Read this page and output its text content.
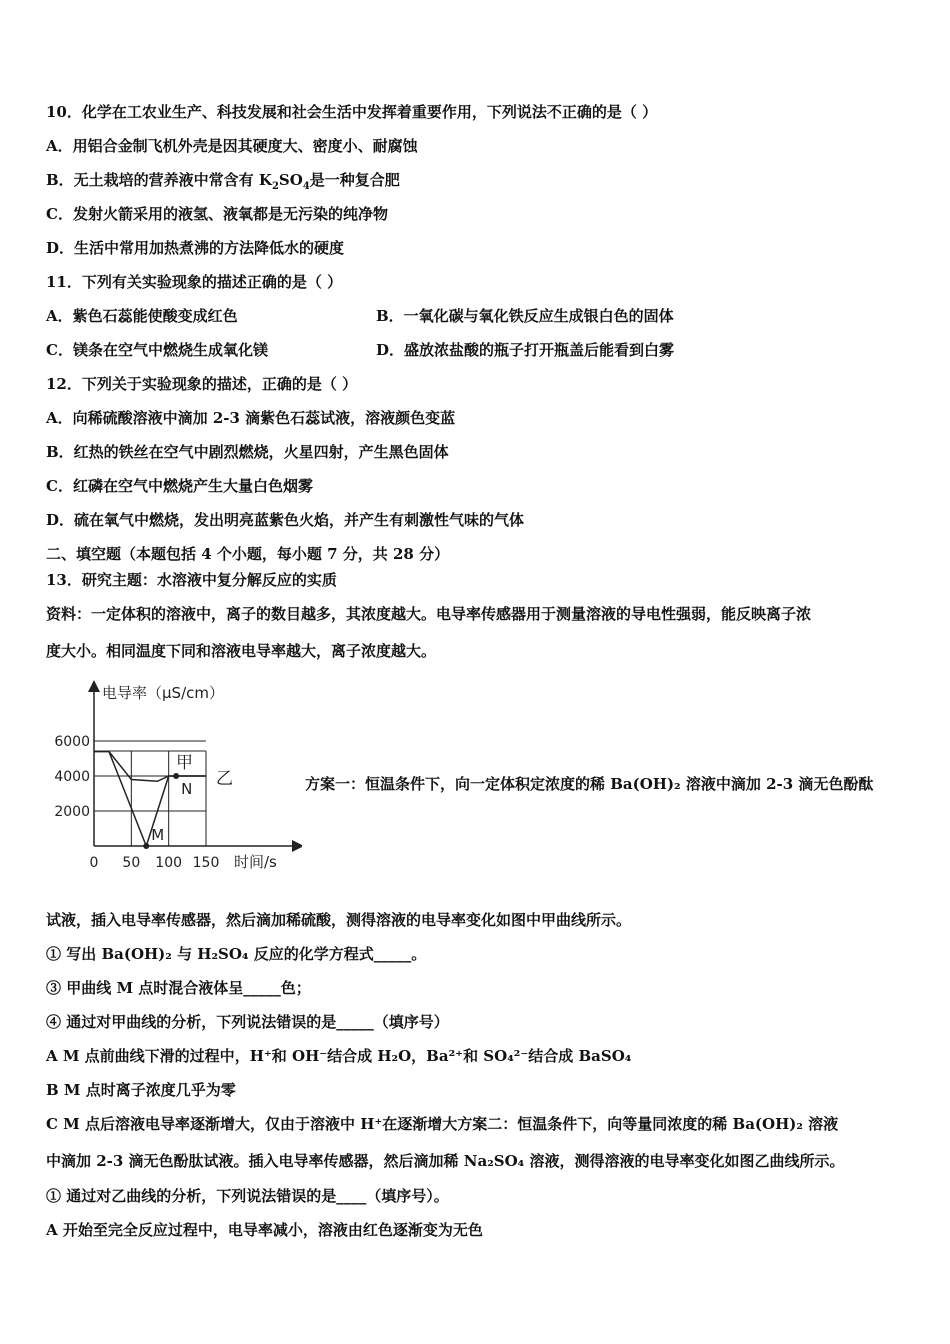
10．化学在工农业生产、科技发展和社会生活中发挥着重要作用，下列说法不正确的是（ ）
A．用铝合金制飞机外壳是因其硬度大、密度小、耐腐蚀
B．无土栽培的营养液中常含有 $K_2SO_4$是一种复合肥
C．发射火箭采用的液氢、液氧都是无污染的纯净物
D．生活中常用加热煮沸的方法降低水的硬度
11．下列有关实验现象的描述正确的是（ ）
A．紫色石蕊能使酸变成红色	B．一氧化碳与氧化铁反应生成银白色的固体
C．镁条在空气中燃烧生成氧化镁	D．盛放浓盐酸的瓶子打开瓶盖后能看到白雾
12．下列关于实验现象的描述，正确的是（ ）
A．向稀硫酸溶液中滴加 2-3 滴紫色石蕊试液，溶液颜色变蓝
B．红热的铁丝在空气中剧烈燃烧，火星四射，产生黑色固体
C．红磷在空气中燃烧产生大量白色烟雾
D．硫在氧气中燃烧，发出明亮蓝紫色火焰，并产生有刺激性气味的气体
二、填空题（本题包括 4 个小题，每小题 7 分，共 28 分）
13．研究主题：水溶液中复分解反应的实质
资料：一定体积的溶液中，离子的数目越多，其浓度越大。电导率传感器用于测量溶液的导电性强弱，能反映离子浓
度大小。相同温度下同和溶液电导率越大，离子浓度越大。
电导率（μS/cm）
时间/s
0 50 100 150
6000
4000
2000
甲
乙
M
N	方案一：恒温条件下，向一定体积定浓度的稀 Ba(OH)₂ 溶液中滴加 2-3 滴无色酚酞
试液，插入电导率传感器，然后滴加稀硫酸，测得溶液的电导率变化如图中甲曲线所示。
① 写出 Ba(OH)₂ 与 H₂SO₄ 反应的化学方程式_____。
③ 甲曲线 M 点时混合液体呈_____色；
④ 通过对甲曲线的分析，下列说法错误的是_____（填序号）
A M 点前曲线下滑的过程中，H⁺和 OH⁻结合成 H₂O，Ba²⁺和 SO₄²⁻结合成 BaSO₄
B M 点时离子浓度几乎为零
C M 点后溶液电导率逐渐增大，仅由于溶液中 H⁺在逐渐增大方案二：恒温条件下，向等量同浓度的稀 Ba(OH)₂ 溶液
中滴加 2-3 滴无色酚肽试液。插入电导率传感器，然后滴加稀 Na₂SO₄ 溶液，测得溶液的电导率变化如图乙曲线所示。
① 通过对乙曲线的分析，下列说法错误的是____（填序号）。
A 开始至完全反应过程中，电导率减小，溶液由红色逐渐变为无色
